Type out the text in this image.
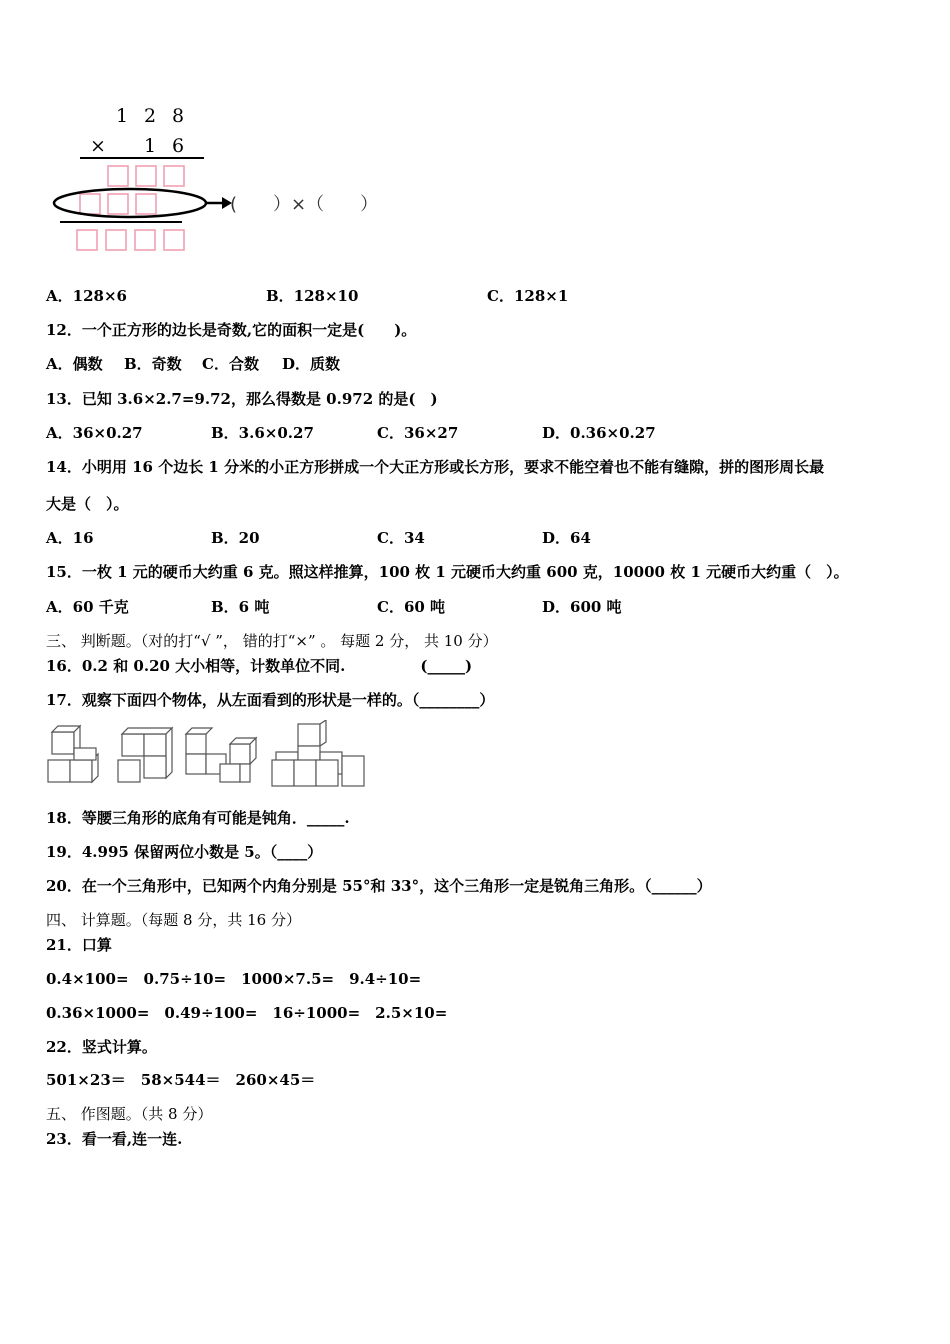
1 2 8
× 1 6
(　　）×（　　）
A．128×6	B．128×10	C．128×1
12．一个正方形的边长是奇数,它的面积一定是(　　)。
A．偶数 B．奇数 C．合数 D．质数
13．已知 3.6×2.7=9.72，那么得数是 0.972 的是(　)
A．36×0.27	B．3.6×0.27	C．36×27	D．0.36×0.27
14．小明用 16 个边长 1 分米的小正方形拼成一个大正方形或长方形，要求不能空着也不能有缝隙，拼的图形周长最
大是（　）。
A．16	B．20	C．34	D．64
15．一枚 1 元的硬币大约重 6 克。照这样推算，100 枚 1 元硬币大约重 600 克，10000 枚 1 元硬币大约重（　）。
A．60 千克	B．6 吨	C．60 吨	D．600 吨
三、 判断题。（对的打“√ ”， 错的打“×” 。 每题 2 分， 共 10 分）
16．0.2 和 0.20 大小相等，计数单位不同.　　　　　(_____)
17．观察下面四个物体，从左面看到的形状是一样的。（________）
18．等腰三角形的底角有可能是钝角．_____.
19．4.995 保留两位小数是 5。（____）
20．在一个三角形中，已知两个内角分别是 55°和 33°，这个三角形一定是锐角三角形。（______）
四、 计算题。（每题 8 分，共 16 分）
21．口算
0.4×100=　0.75÷10=　1000×7.5=　9.4÷10=
0.36×1000=　0.49÷100=　16÷1000=　2.5×10=
22．竖式计算。
501×23＝　58×544＝　260×45＝
五、 作图题。（共 8 分）
23．看一看,连一连.
